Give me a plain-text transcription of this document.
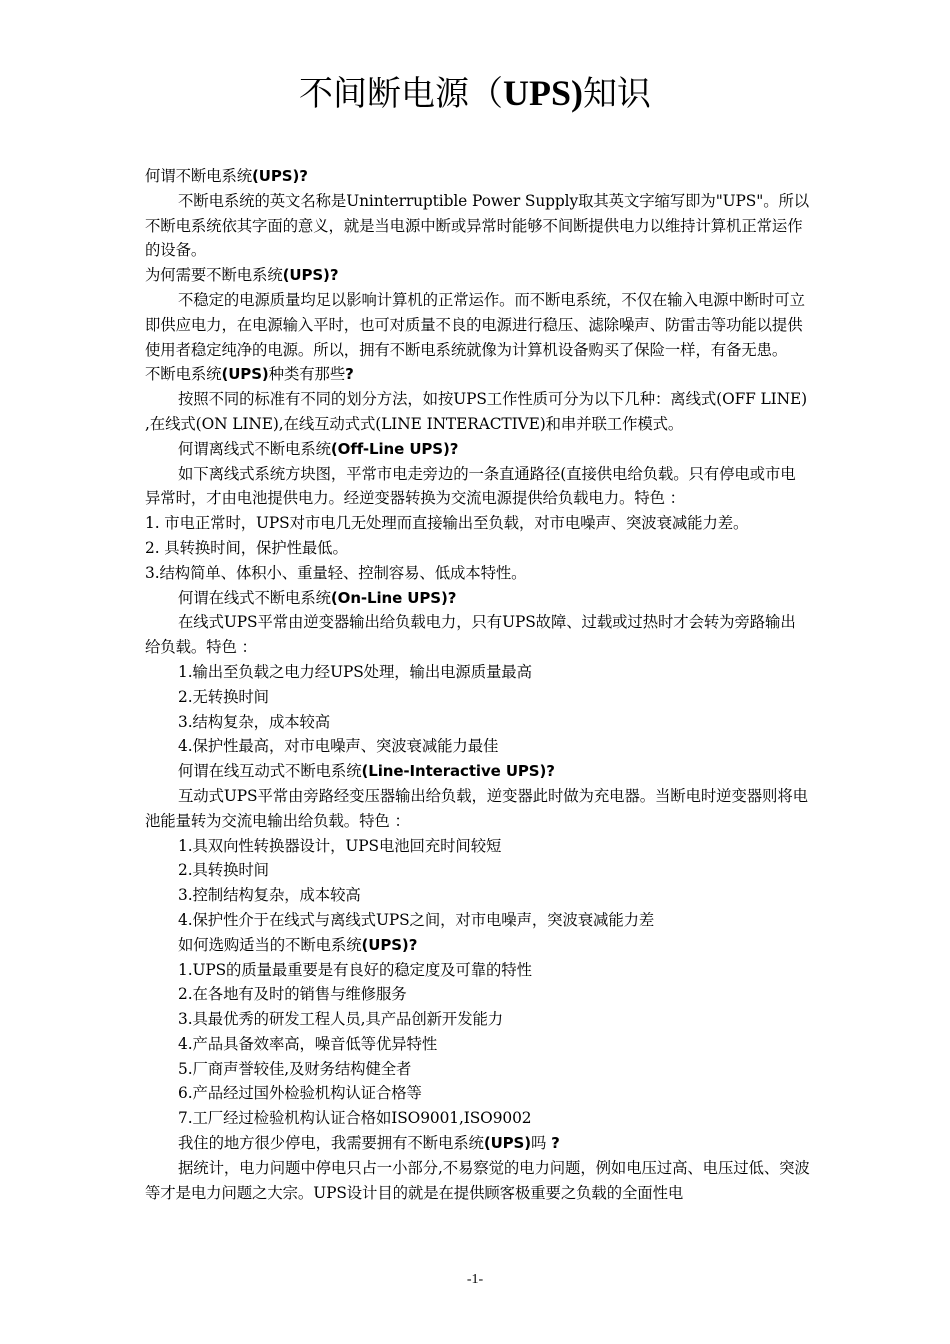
不间断电源（UPS)知识

何谓不断电系统(UPS)?

不断电系统的英文名称是Uninterruptible Power Supply取其英文字缩写即为"UPS"。所以不断电系统依其字面的意义，就是当电源中断或异常时能够不间断提供电力以维持计算机正常运作的设备。

为何需要不断电系统(UPS)?

不稳定的电源质量均足以影响计算机的正常运作。而不断电系统，不仅在输入电源中断时可立即供应电力，在电源输入平时，也可对质量不良的电源进行稳压、滤除噪声、防雷击等功能以提供使用者稳定纯净的电源。所以，拥有不断电系统就像为计算机设备购买了保险一样，有备无患。

不断电系统(UPS)种类有那些?

按照不同的标准有不同的划分方法，如按UPS工作性质可分为以下几种：离线式(OFF LINE) ,在线式(ON LINE),在线互动式式(LINE INTERACTIVE)和串并联工作模式。

何谓离线式不断电系统(Off-Line UPS)?

如下离线式系统方块图，平常市电走旁边的一条直通路径(直接供电给负载。只有停电或市电异常时，才由电池提供电力。经逆变器转换为交流电源提供给负载电力。特色 ：

1. 市电正常时，UPS对市电几无处理而直接输出至负载，对市电噪声、突波衰减能力差。

2. 具转换时间，保护性最低。

3.结构简单、体积小、重量轻、控制容易、低成本特性。

何谓在线式不断电系统(On-Line UPS)?

在线式UPS平常由逆变器输出给负载电力，只有UPS故障、过载或过热时才会转为旁路输出给负载。特色 ：

1.输出至负载之电力经UPS处理，输出电源质量最高

2.无转换时间

3.结构复杂，成本较高

4.保护性最高，对市电噪声、突波衰减能力最佳

何谓在线互动式不断电系统(Line-Interactive UPS)?

互动式UPS平常由旁路经变压器输出给负载，逆变器此时做为充电器。当断电时逆变器则将电池能量转为交流电输出给负载。特色 ：

1.具双向性转换器设计，UPS电池回充时间较短

2.具转换时间

3.控制结构复杂，成本较高

4.保护性介于在线式与离线式UPS之间，对市电噪声，突波衰减能力差

如何选购适当的不断电系统(UPS)?

1.UPS的质量最重要是有良好的稳定度及可靠的特性

2.在各地有及时的销售与维修服务

3.具最优秀的研发工程人员,具产品创新开发能力

4.产品具备效率高，噪音低等优异特性

5.厂商声誉较佳,及财务结构健全者

6.产品经过国外检验机构认证合格等

7.工厂经过检验机构认证合格如ISO9001,ISO9002

我住的地方很少停电，我需要拥有不断电系统(UPS)吗 ?

据统计，电力问题中停电只占一小部分,不易察觉的电力问题，例如电压过高、电压过低、突波等才是电力问题之大宗。UPS设计目的就是在提供顾客极重要之负载的全面性电

-1-
